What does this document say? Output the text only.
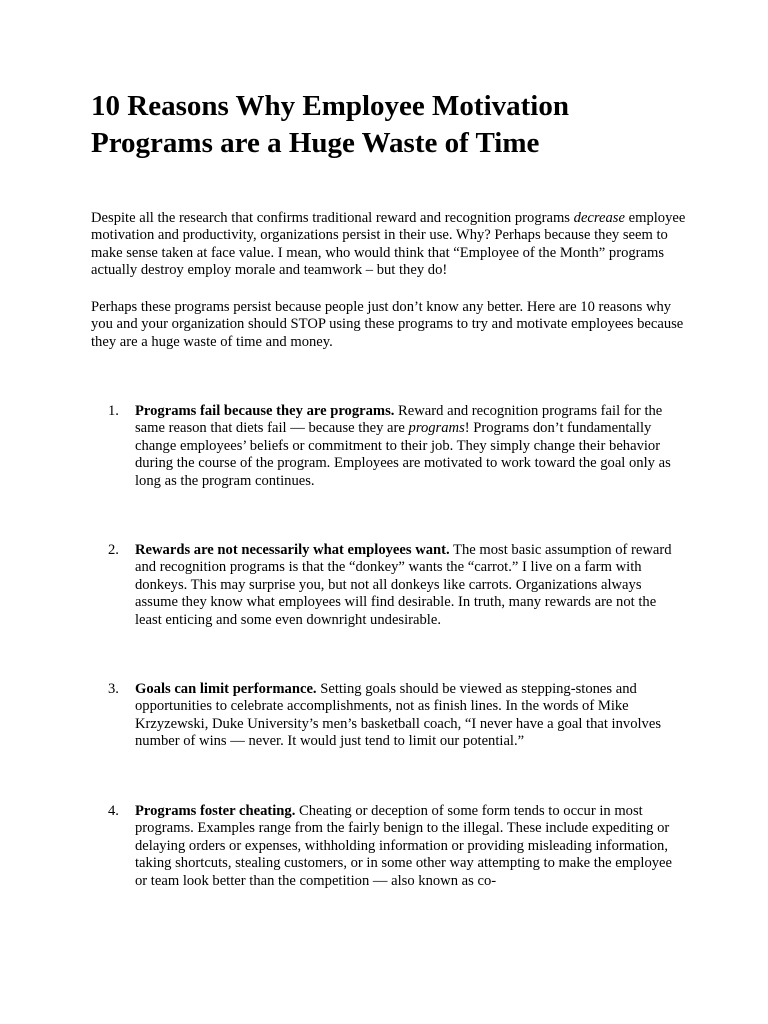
10 Reasons Why Employee Motivation Programs are a Huge Waste of Time

Despite all the research that confirms traditional reward and recognition programs decrease employee motivation and productivity, organizations persist in their use. Why? Perhaps because they seem to make sense taken at face value. I mean, who would think that “Employee of the Month” programs actually destroy employ morale and teamwork – but they do!

Perhaps these programs persist because people just don’t know any better. Here are 10 reasons why you and your organization should STOP using these programs to try and motivate employees because they are a huge waste of time and money.

1. Programs fail because they are programs. Reward and recognition programs fail for the same reason that diets fail — because they are programs! Programs don’t fundamentally change employees’ beliefs or commitment to their job. They simply change their behavior during the course of the program. Employees are motivated to work toward the goal only as long as the program continues.

2. Rewards are not necessarily what employees want. The most basic assumption of reward and recognition programs is that the “donkey” wants the “carrot.” I live on a farm with donkeys. This may surprise you, but not all donkeys like carrots. Organizations always assume they know what employees will find desirable. In truth, many rewards are not the least enticing and some even downright undesirable.

3. Goals can limit performance. Setting goals should be viewed as stepping-stones and opportunities to celebrate accomplishments, not as finish lines. In the words of Mike Krzyzewski, Duke University’s men’s basketball coach, “I never have a goal that involves number of wins — never. It would just tend to limit our potential.”

4. Programs foster cheating. Cheating or deception of some form tends to occur in most programs. Examples range from the fairly benign to the illegal. These include expediting or delaying orders or expenses, withholding information or providing misleading information, taking shortcuts, stealing customers, or in some other way attempting to make the employee or team look better than the competition — also known as co-
